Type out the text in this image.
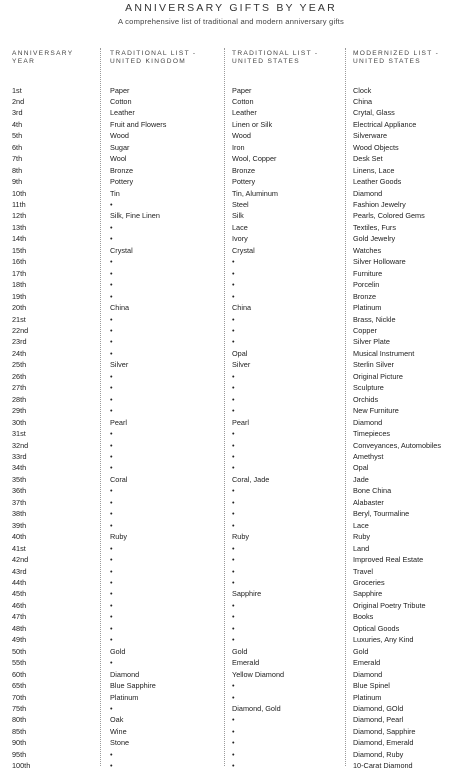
ANNIVERSARY GIFTS BY YEAR
A comprehensive list of traditional and modern anniversary gifts
ANNIVERSARY
YEAR
TRADITIONAL LIST -
UNITED KINGDOM
TRADITIONAL LIST -
UNITED STATES
MODERNIZED LIST -
UNITED STATES
1st	Paper	Paper	Clock
2nd	Cotton	Cotton	China
3rd	Leather	Leather	Crytal, Glass
4th	Fruit and Flowers	Linen or Silk	Electrical Appliance
5th	Wood	Wood	Silverware
6th	Sugar	Iron	Wood Objects
7th	Wool	Wool, Copper	Desk Set
8th	Bronze	Bronze	Linens, Lace
9th	Pottery	Pottery	Leather Goods
10th	Tin	Tin, Aluminum	Diamond
11th	•	Steel	Fashion Jewelry
12th	Silk, Fine Linen	Silk	Pearls, Colored Gems
13th	•	Lace	Textiles, Furs
14th	•	Ivory	Gold Jewelry
15th	Crystal	Crystal	Watches
16th	•	•	Silver Holloware
17th	•	•	Furniture
18th	•	•	Porcelin
19th	•	•	Bronze
20th	China	China	Platinum
21st	•	•	Brass, Nickle
22nd	•	•	Copper
23rd	•	•	Silver Plate
24th	•	Opal	Musical Instrument
25th	Silver	Silver	Sterlin Silver
26th	•	•	Original Picture
27th	•	•	Sculpture
28th	•	•	Orchids
29th	•	•	New Furniture
30th	Pearl	Pearl	Diamond
31st	•	•	Timepieces
32nd	•	•	Conveyances, Automobiles
33rd	•	•	Amethyst
34th	•	•	Opal
35th	Coral	Coral, Jade	Jade
36th	•	•	Bone China
37th	•	•	Alabaster
38th	•	•	Beryl, Tourmaline
39th	•	•	Lace
40th	Ruby	Ruby	Ruby
41st	•	•	Land
42nd	•	•	Improved Real Estate
43rd	•	•	Travel
44th	•	•	Groceries
45th	•	Sapphire	Sapphire
46th	•	•	Original Poetry Tribute
47th	•	•	Books
48th	•	•	Optical Goods
49th	•	•	Luxuries, Any Kind
50th	Gold	Gold	Gold
55th	•	Emerald	Emerald
60th	Diamond	Yellow Diamond	Diamond
65th	Blue Sapphire	•	Blue Spinel
70th	Platinum	•	Platinum
75th	•	Diamond, Gold	Diamond, GOld
80th	Oak	•	Diamond, Pearl
85th	Wine	•	Diamond, Sapphire
90th	Stone	•	Diamond, Emerald
95th	•	•	Diamond, Ruby
100th	•	•	10-Carat Diamond
